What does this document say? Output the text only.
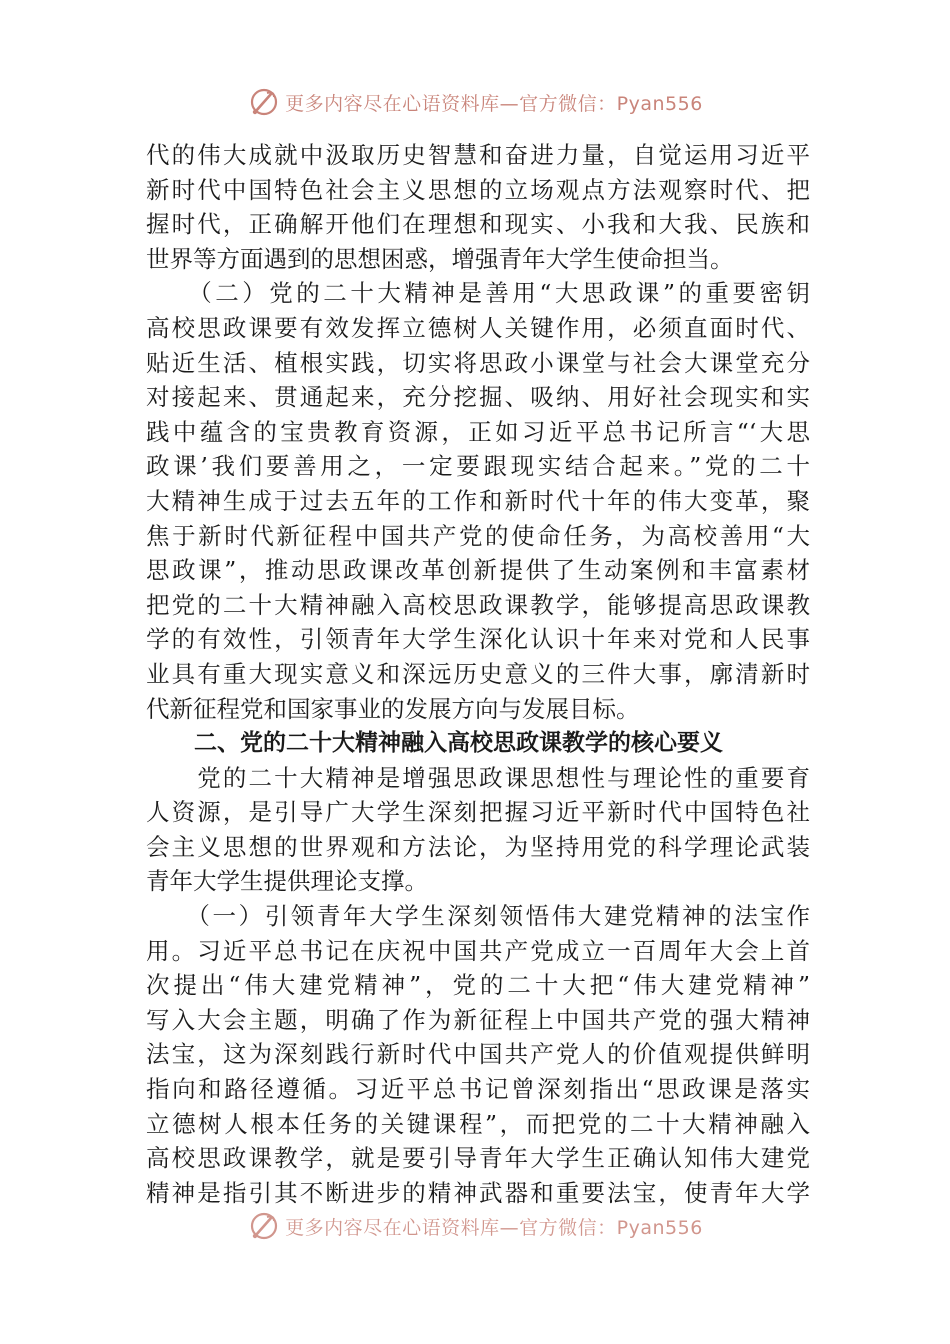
更多内容尽在心语资料库—官方微信：Pyan556
代的伟大成就中汲取历史智慧和奋进力量，自觉运用习近平
新时代中国特色社会主义思想的立场观点方法观察时代、把
握时代，正确解开他们在理想和现实、小我和大我、民族和
世界等方面遇到的思想困惑，增强青年大学生使命担当。
　　（二）党的二十大精神是善用“大思政课”的重要密钥
高校思政课要有效发挥立德树人关键作用，必须直面时代、
贴近生活、植根实践，切实将思政小课堂与社会大课堂充分
对接起来、贯通起来，充分挖掘、吸纳、用好社会现实和实
践中蕴含的宝贵教育资源，正如习近平总书记所言“‘大思
政课’我们要善用之，一定要跟现实结合起来。”党的二十
大精神生成于过去五年的工作和新时代十年的伟大变革，聚
焦于新时代新征程中国共产党的使命任务，为高校善用“大
思政课”，推动思政课改革创新提供了生动案例和丰富素材
把党的二十大精神融入高校思政课教学，能够提高思政课教
学的有效性，引领青年大学生深化认识十年来对党和人民事
业具有重大现实意义和深远历史意义的三件大事，廓清新时
代新征程党和国家事业的发展方向与发展目标。
二、党的二十大精神融入高校思政课教学的核心要义
　　党的二十大精神是增强思政课思想性与理论性的重要育
人资源，是引导广大学生深刻把握习近平新时代中国特色社
会主义思想的世界观和方法论，为坚持用党的科学理论武装
青年大学生提供理论支撑。
　　（一）引领青年大学生深刻领悟伟大建党精神的法宝作
用。习近平总书记在庆祝中国共产党成立一百周年大会上首
次提出“伟大建党精神”，党的二十大把“伟大建党精神”
写入大会主题，明确了作为新征程上中国共产党的强大精神
法宝，这为深刻践行新时代中国共产党人的价值观提供鲜明
指向和路径遵循。习近平总书记曾深刻指出“思政课是落实
立德树人根本任务的关键课程”，而把党的二十大精神融入
高校思政课教学，就是要引导青年大学生正确认知伟大建党
精神是指引其不断进步的精神武器和重要法宝，使青年大学
更多内容尽在心语资料库—官方微信：Pyan556
